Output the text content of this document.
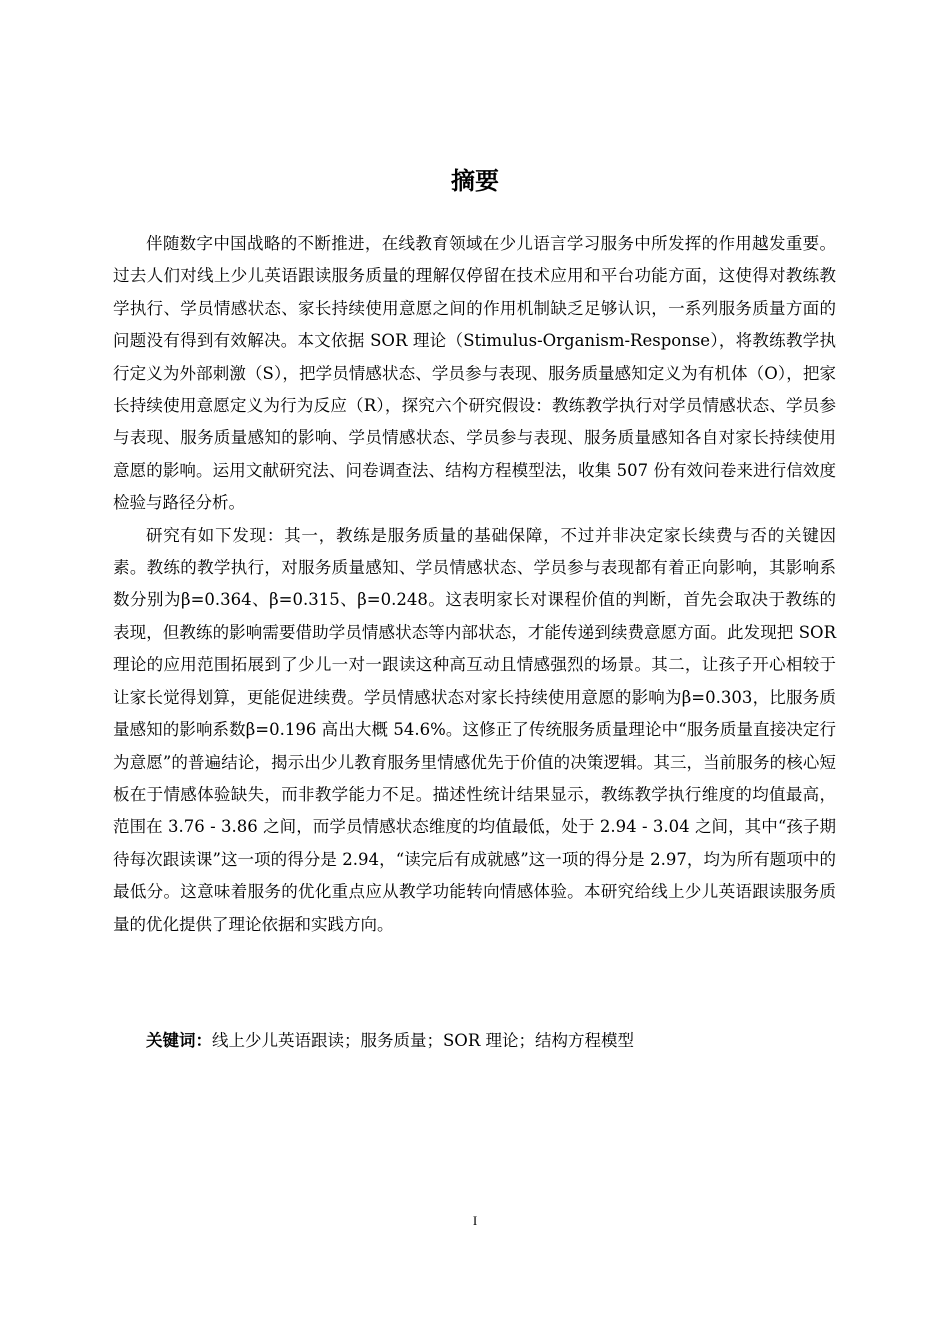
摘要

伴随数字中国战略的不断推进，在线教育领域在少儿语言学习服务中所发挥的作用越发重要。过去人们对线上少儿英语跟读服务质量的理解仅停留在技术应用和平台功能方面，这使得对教练教学执行、学员情感状态、家长持续使用意愿之间的作用机制缺乏足够认识，一系列服务质量方面的问题没有得到有效解决。本文依据 SOR 理论（Stimulus-Organism-Response），将教练教学执行定义为外部刺激（S），把学员情感状态、学员参与表现、服务质量感知定义为有机体（O），把家长持续使用意愿定义为行为反应（R），探究六个研究假设：教练教学执行对学员情感状态、学员参与表现、服务质量感知的影响、学员情感状态、学员参与表现、服务质量感知各自对家长持续使用意愿的影响。运用文献研究法、问卷调查法、结构方程模型法，收集 507 份有效问卷来进行信效度检验与路径分析。

研究有如下发现：其一，教练是服务质量的基础保障，不过并非决定家长续费与否的关键因素。教练的教学执行，对服务质量感知、学员情感状态、学员参与表现都有着正向影响，其影响系数分别为β=0.364、β=0.315、β=0.248。这表明家长对课程价值的判断，首先会取决于教练的表现，但教练的影响需要借助学员情感状态等内部状态，才能传递到续费意愿方面。此发现把 SOR 理论的应用范围拓展到了少儿一对一跟读这种高互动且情感强烈的场景。其二，让孩子开心相较于让家长觉得划算，更能促进续费。学员情感状态对家长持续使用意愿的影响为β=0.303，比服务质量感知的影响系数β=0.196 高出大概 54.6%。这修正了传统服务质量理论中“服务质量直接决定行为意愿”的普遍结论，揭示出少儿教育服务里情感优先于价值的决策逻辑。其三，当前服务的核心短板在于情感体验缺失，而非教学能力不足。描述性统计结果显示，教练教学执行维度的均值最高，范围在 3.76 - 3.86 之间，而学员情感状态维度的均值最低，处于 2.94 - 3.04 之间，其中“孩子期待每次跟读课”这一项的得分是 2.94，“读完后有成就感”这一项的得分是 2.97，均为所有题项中的最低分。这意味着服务的优化重点应从教学功能转向情感体验。本研究给线上少儿英语跟读服务质量的优化提供了理论依据和实践方向。

关键词：线上少儿英语跟读；服务质量；SOR 理论；结构方程模型

I
